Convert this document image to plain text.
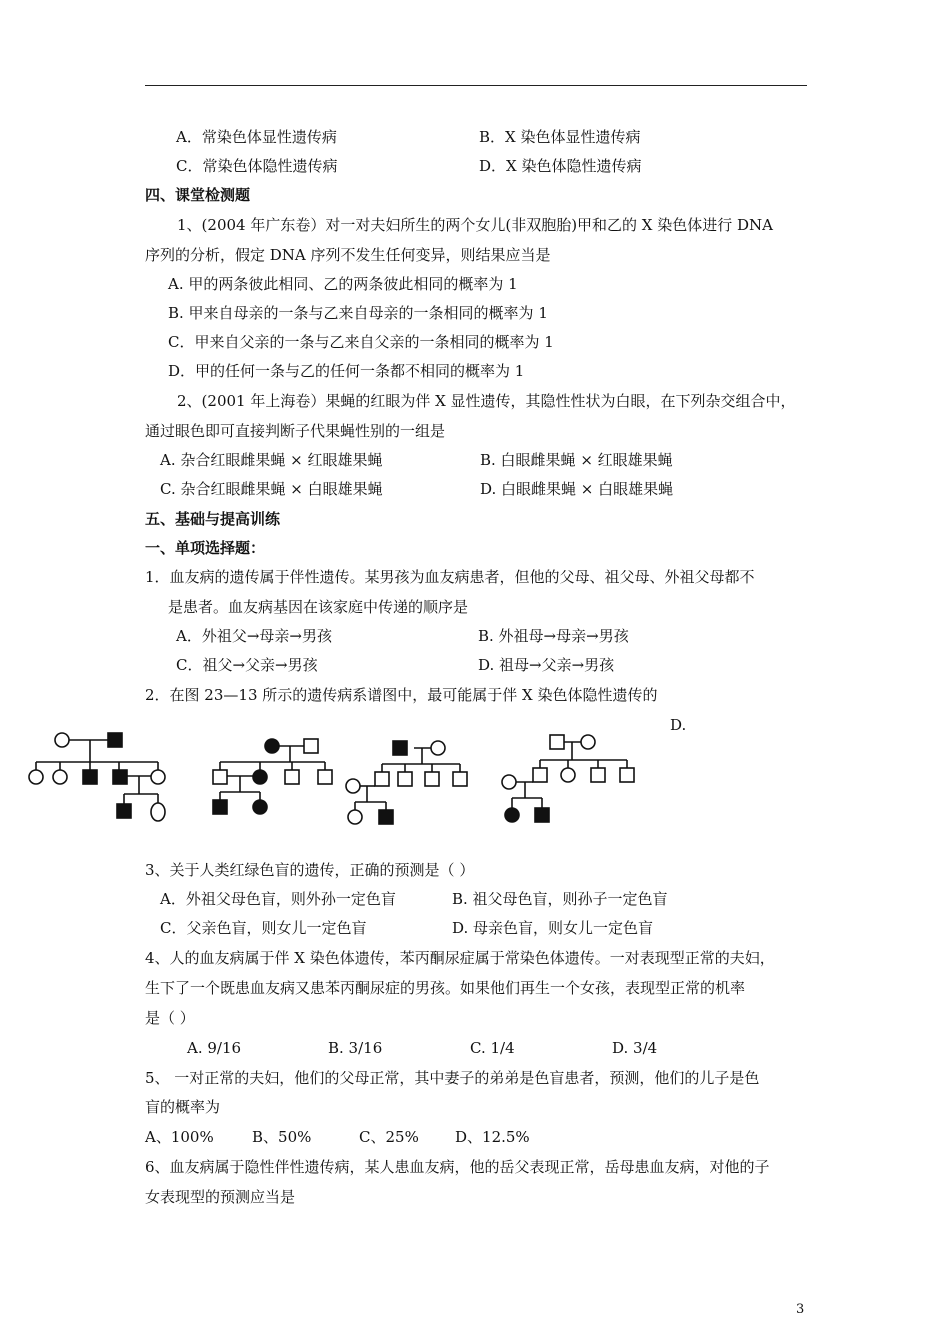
A．常染色体显性遗传病	B．X 染色体显性遗传病
C．常染色体隐性遗传病	D．X 染色体隐性遗传病
四、课堂检测题
1、(2004 年广东卷）对一对夫妇所生的两个女儿(非双胞胎)甲和乙的 X 染色体进行 DNA
序列的分析，假定 DNA 序列不发生任何变异，则结果应当是
A. 甲的两条彼此相同、乙的两条彼此相同的概率为 1
B. 甲来自母亲的一条与乙来自母亲的一条相同的概率为 1
C．甲来自父亲的一条与乙来自父亲的一条相同的概率为 1
D．甲的任何一条与乙的任何一条都不相同的概率为 1
2、(2001 年上海卷）果蝇的红眼为伴 X 显性遗传，其隐性性状为白眼，在下列杂交组合中，
通过眼色即可直接判断子代果蝇性别的一组是
A. 杂合红眼雌果蝇 × 红眼雄果蝇	B. 白眼雌果蝇 × 红眼雄果蝇
C. 杂合红眼雌果蝇 × 白眼雄果蝇	D. 白眼雌果蝇 × 白眼雄果蝇
五、基础与提高训练
一、单项选择题：
1．血友病的遗传属于伴性遗传。某男孩为血友病患者，但他的父母、祖父母、外祖父母都不
是患者。血友病基因在该家庭中传递的顺序是
A．外祖父→母亲→男孩	B. 外祖母→母亲→男孩
C．祖父→父亲→男孩	D. 祖母→父亲→男孩
2．在图 23—13 所示的遗传病系谱图中，最可能属于伴 X 染色体隐性遗传的
D.
3、关于人类红绿色盲的遗传，正确的预测是（ ）
A．外祖父母色盲，则外孙一定色盲	B. 祖父母色盲，则孙子一定色盲
C．父亲色盲，则女儿一定色盲	D. 母亲色盲，则女儿一定色盲
4、人的血友病属于伴 X 染色体遗传，苯丙酮尿症属于常染色体遗传。一对表现型正常的夫妇，
生下了一个既患血友病又患苯丙酮尿症的男孩。如果他们再生一个女孩，表现型正常的机率
是（ ）
A. 9/16	B. 3/16	C. 1/4	D. 3/4
5、 一对正常的夫妇，他们的父母正常，其中妻子的弟弟是色盲患者，预测，他们的儿子是色
盲的概率为
A、100%	B、50%	C、25% D、12.5%
6、血友病属于隐性伴性遗传病，某人患血友病，他的岳父表现正常，岳母患血友病，对他的子
女表现型的预测应当是
3
